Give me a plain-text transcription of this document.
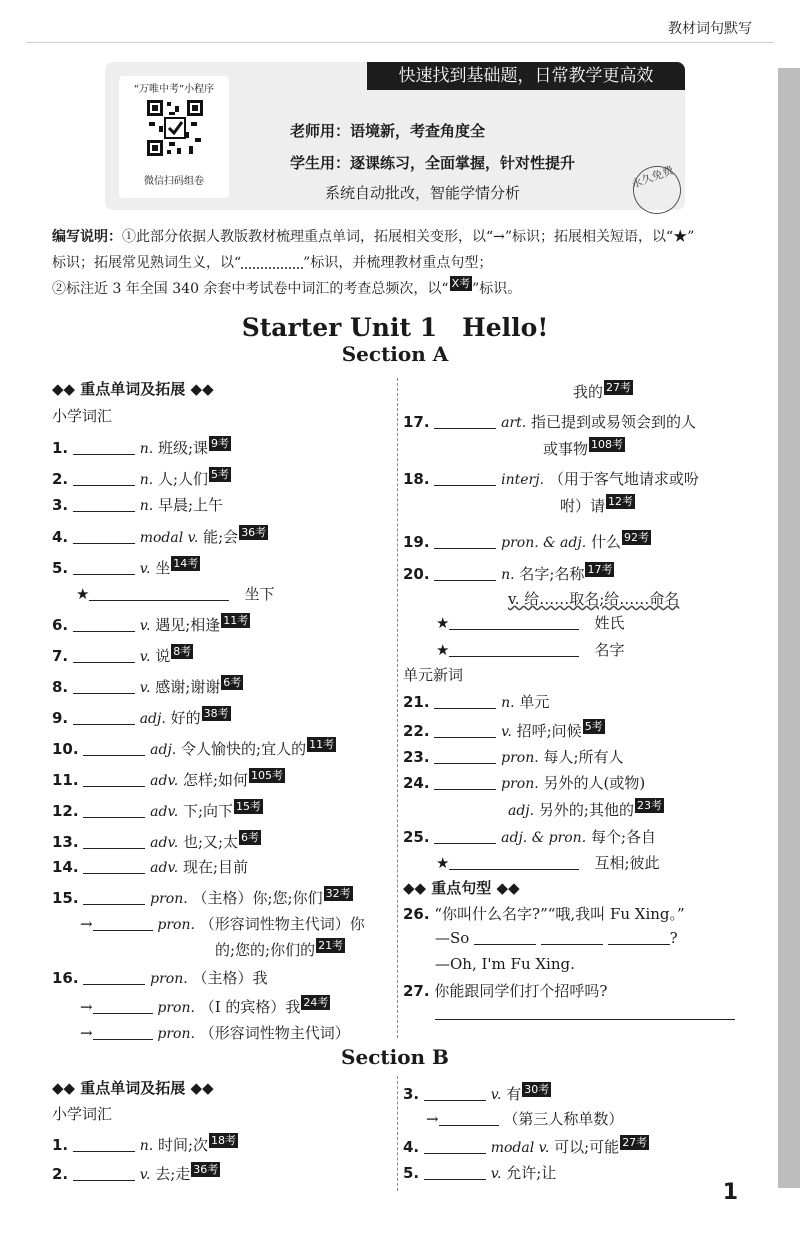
教材词句默写
快速找到基础题，日常教学更高效
“万唯中考”小程序
微信扫码组卷
老师用：语境新，考查角度全
学生用：逐课练习，全面掌握，针对性提升
系统自动批改，智能学情分析
永久免费
编写说明：①此部分依据人教版教材梳理重点单词，拓展相关变形，以“→”标识；拓展相关短语，以“★”
标识；拓展常见熟词生义，以“	”标识，并梳理教材重点句型；
②标注近 3 年全国 340 余套中考试卷中词汇的考查总频次，以“ X考 ”标识。
Starter Unit 1　Hello!
Section A
◆◆ 重点单词及拓展 ◆◆
小学词汇
1.	n. 班级;课 9考
2.	n. 人;人们 5考
3.	n. 早晨;上午
4.	modal v. 能;会 36考
5.	v. 坐 14考
★　	坐下
6.	v. 遇见;相逢 11考
7.	v. 说 8考
8.	v. 感谢;谢谢 6考
9.	adj. 好的 38考
10.	adj. 令人愉快的;宜人的 11考
11.	adv. 怎样;如何 105考
12.	adv. 下;向下 15考
13.	adv. 也;又;太 6考
14.	adv. 现在;目前
15.	pron. （主格）你;您;你们 32考
→	pron. （形容词性物主代词）你
的;您的;你们的 21考
16.	pron. （主格）我
→	pron. （I 的宾格）我 24考
→	pron. （形容词性物主代词）
我的 27考
17.	art. 指已提到或易领会到的人
或事物 108考
18.	interj. （用于客气地请求或吩
咐）请 12考
19.	pron. & adj. 什么 92考
20.	n. 名字;名称 17考
v. 给……取名;给……命名
★　	姓氏
★　	名字
单元新词
21.	n. 单元
22.	v. 招呼;问候 5考
23.	pron. 每人;所有人
24.	pron. 另外的人(或物)
adj. 另外的;其他的 23考
25.	adj. & pron. 每个;各自
★　	互相;彼此
◆◆ 重点句型 ◆◆
26. “你叫什么名字?”“哦,我叫 Fu Xing。”
—So	?
—Oh, I'm Fu Xing.
27. 你能跟同学们打个招呼吗?
Section B
◆◆ 重点单词及拓展 ◆◆
小学词汇
1.	n. 时间;次 18考
2.	v. 去;走 36考
3.	v. 有 30考
→	（第三人称单数）
4.	modal v. 可以;可能 27考
5.	v. 允许;让
1
